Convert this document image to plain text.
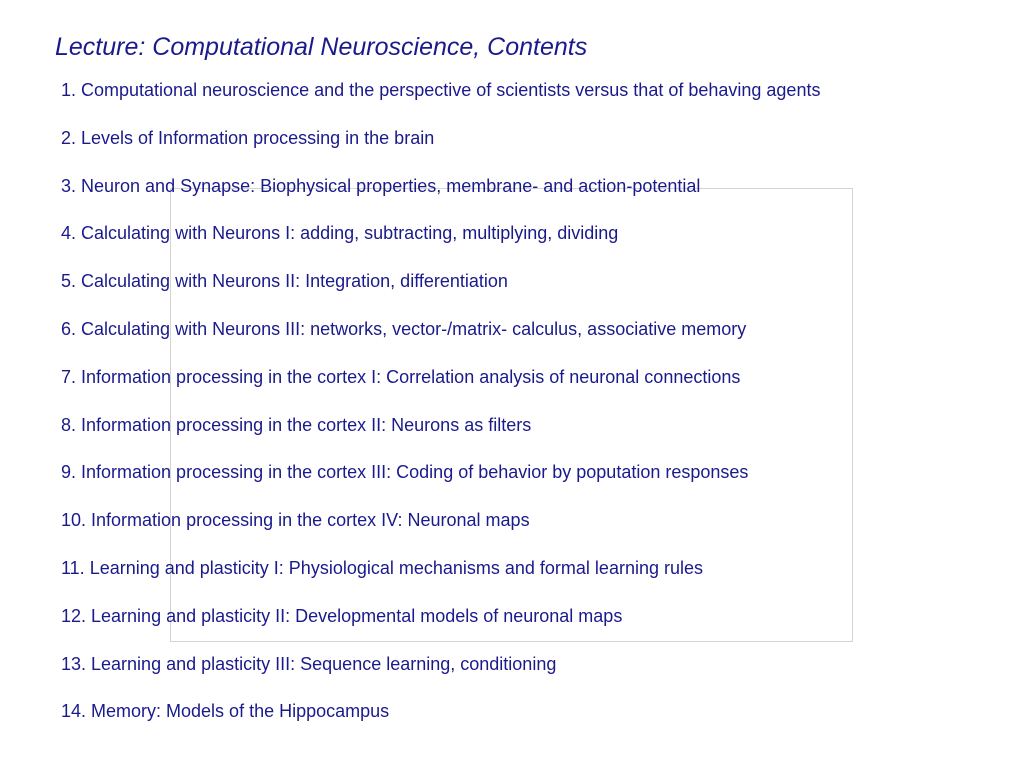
Lecture: Computational Neuroscience, Contents
1. Computational neuroscience and the perspective of scientists versus that of behaving agents
2. Levels of Information processing in the brain
3. Neuron and Synapse: Biophysical properties, membrane- and action-potential
4. Calculating with Neurons I: adding, subtracting, multiplying, dividing
5. Calculating with Neurons II: Integration, differentiation
6. Calculating with Neurons III: networks, vector-/matrix- calculus, associative memory
7. Information processing in the cortex I: Correlation analysis of neuronal connections
8. Information processing in the cortex II: Neurons as filters
9. Information processing in the cortex III: Coding of behavior by poputation responses
10. Information processing in the cortex IV: Neuronal maps
11. Learning and plasticity I: Physiological mechanisms and formal learning rules
12. Learning and plasticity II: Developmental models of neuronal maps
13. Learning and plasticity III: Sequence learning, conditioning
14. Memory: Models of the Hippocampus
